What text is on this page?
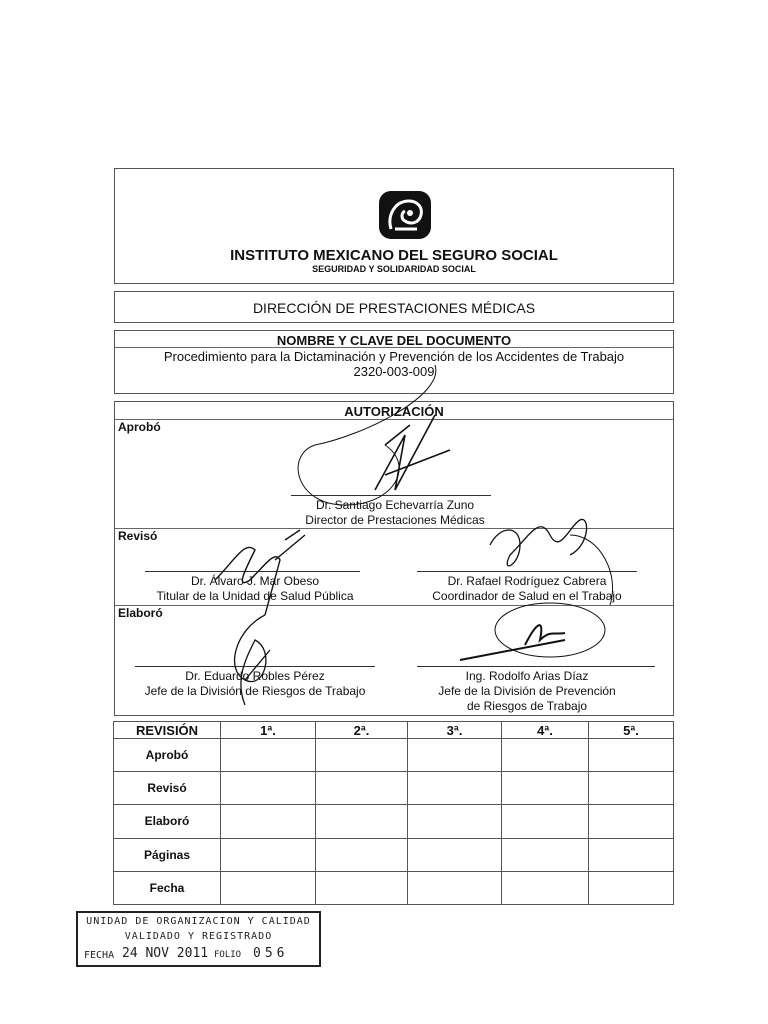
INSTITUTO MEXICANO DEL SEGURO SOCIAL
SEGURIDAD Y SOLIDARIDAD SOCIAL
DIRECCIÓN DE PRESTACIONES MÉDICAS
NOMBRE Y CLAVE DEL DOCUMENTO
Procedimiento para la Dictaminación y Prevención de los Accidentes de Trabajo
2320-003-009
AUTORIZACIÓN
Aprobó
Dr. Santiago Echevarría Zuno
Director de Prestaciones Médicas
Revisó
Dr. Álvaro J. Mar Obeso
Titular de la Unidad de Salud Pública
Dr. Rafael Rodríguez Cabrera
Coordinador de Salud en el Trabajo
Elaboró
Dr. Eduardo Robles Pérez
Jefe de la División de Riesgos de Trabajo
Ing. Rodolfo Arias Díaz
Jefe de la División de Prevención
de Riesgos de Trabajo
REVISIÓN	1ª.	2ª.	3ª.	4ª.	5ª.
Aprobó					
Revisó					
Elaboró					
Páginas					
Fecha					
UNIDAD DE ORGANIZACION Y CALIDAD
VALIDADO Y REGISTRADO
FECHA 24 NOV 2011 FOLIO 056
